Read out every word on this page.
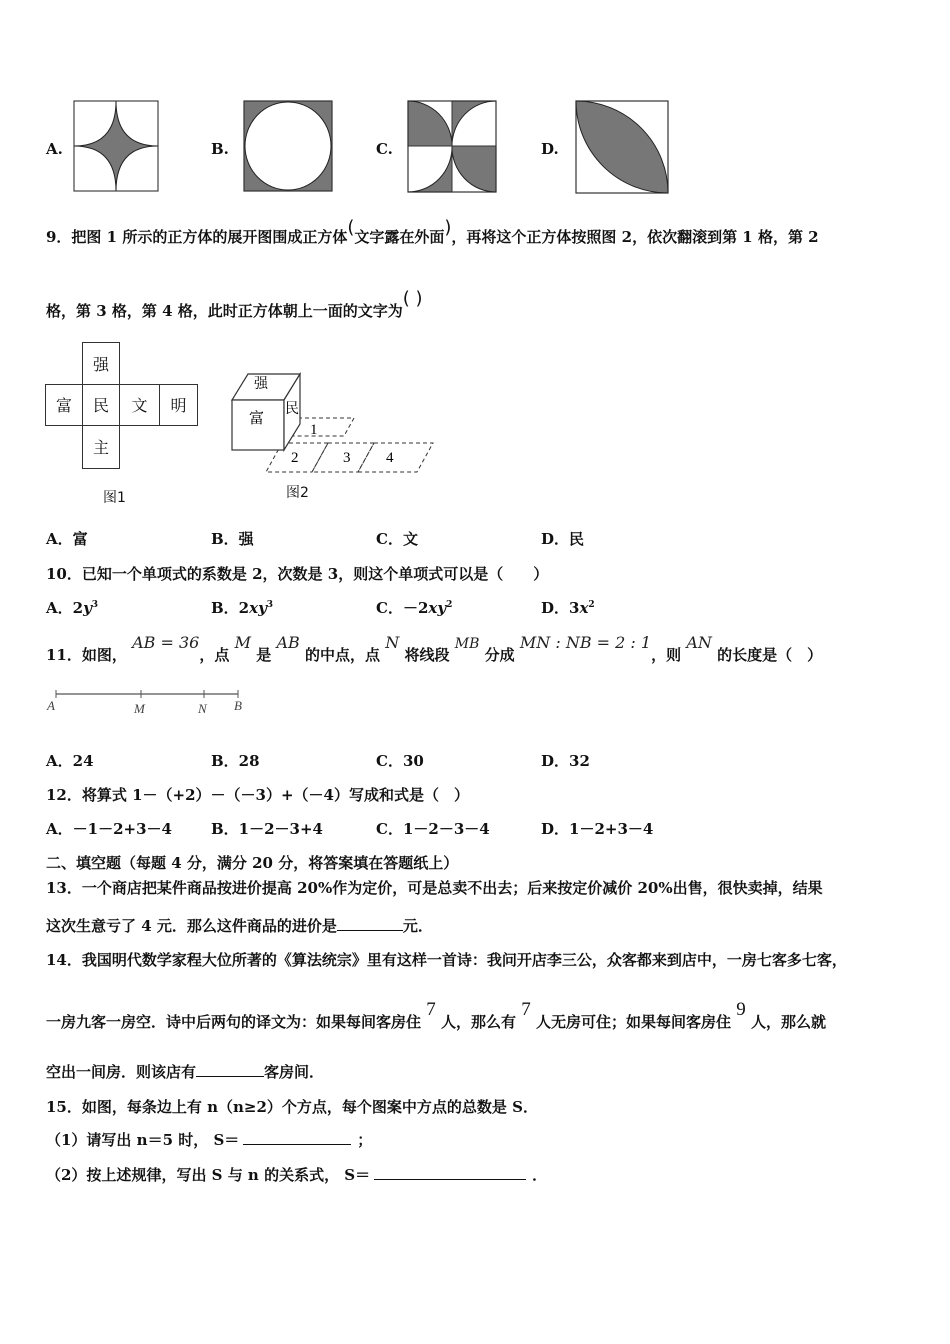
A.	B.	C.	D.
9．把图 1 所示的正方体的展开图围成正方体(文字露在外面)，再将这个正方体按照图 2，依次翻滚到第 1 格，第 2
格，第 3 格，第 4 格，此时正方体朝上一面的文字为( )
强
富	民	文	明
主
图1
强
富 民
1
2	3 4
图2
A．富	B．强	C．文	D．民
10．已知一个单项式的系数是 2，次数是 3，则这个单项式可以是（　　）
A．$2y^3$	B．$2xy^3$	C．$-2xy^2$	D．$3x^2$
11．如图， AB = 36，点 M 是 AB 的中点，点 N 将线段 MB 分成 MN : NB = 2 : 1，则 AN 的长度是（　）
A	M	N B
A．24	B．28	C．30	D．32
12．将算式 1－（+2）－（－3）+（－4）写成和式是（　）
A．－1－2+3－4	B．1－2－3+4	C．1－2－3－4	D．1－2+3－4
二、填空题（每题 4 分，满分 20 分，将答案填在答题纸上）
13．一个商店把某件商品按进价提高 20%作为定价，可是总卖不出去；后来按定价减价 20%出售，很快卖掉，结果
这次生意亏了 4 元．那么这件商品的进价是	元．
14．我国明代数学家程大位所著的《算法统宗》里有这样一首诗：我问开店李三公，众客都来到店中，一房七客多七客，
一房九客一房空．诗中后两句的译文为：如果每间客房住 7 人，那么有 7 人无房可住；如果每间客房住 9 人，那么就
空出一间房．则该店有	客房间．
15．如图，每条边上有 n（n≥2）个方点，每个图案中方点的总数是 S．
（1）请写出 n＝5 时， S＝	；
（2）按上述规律，写出 S 与 n 的关系式， S＝	．
